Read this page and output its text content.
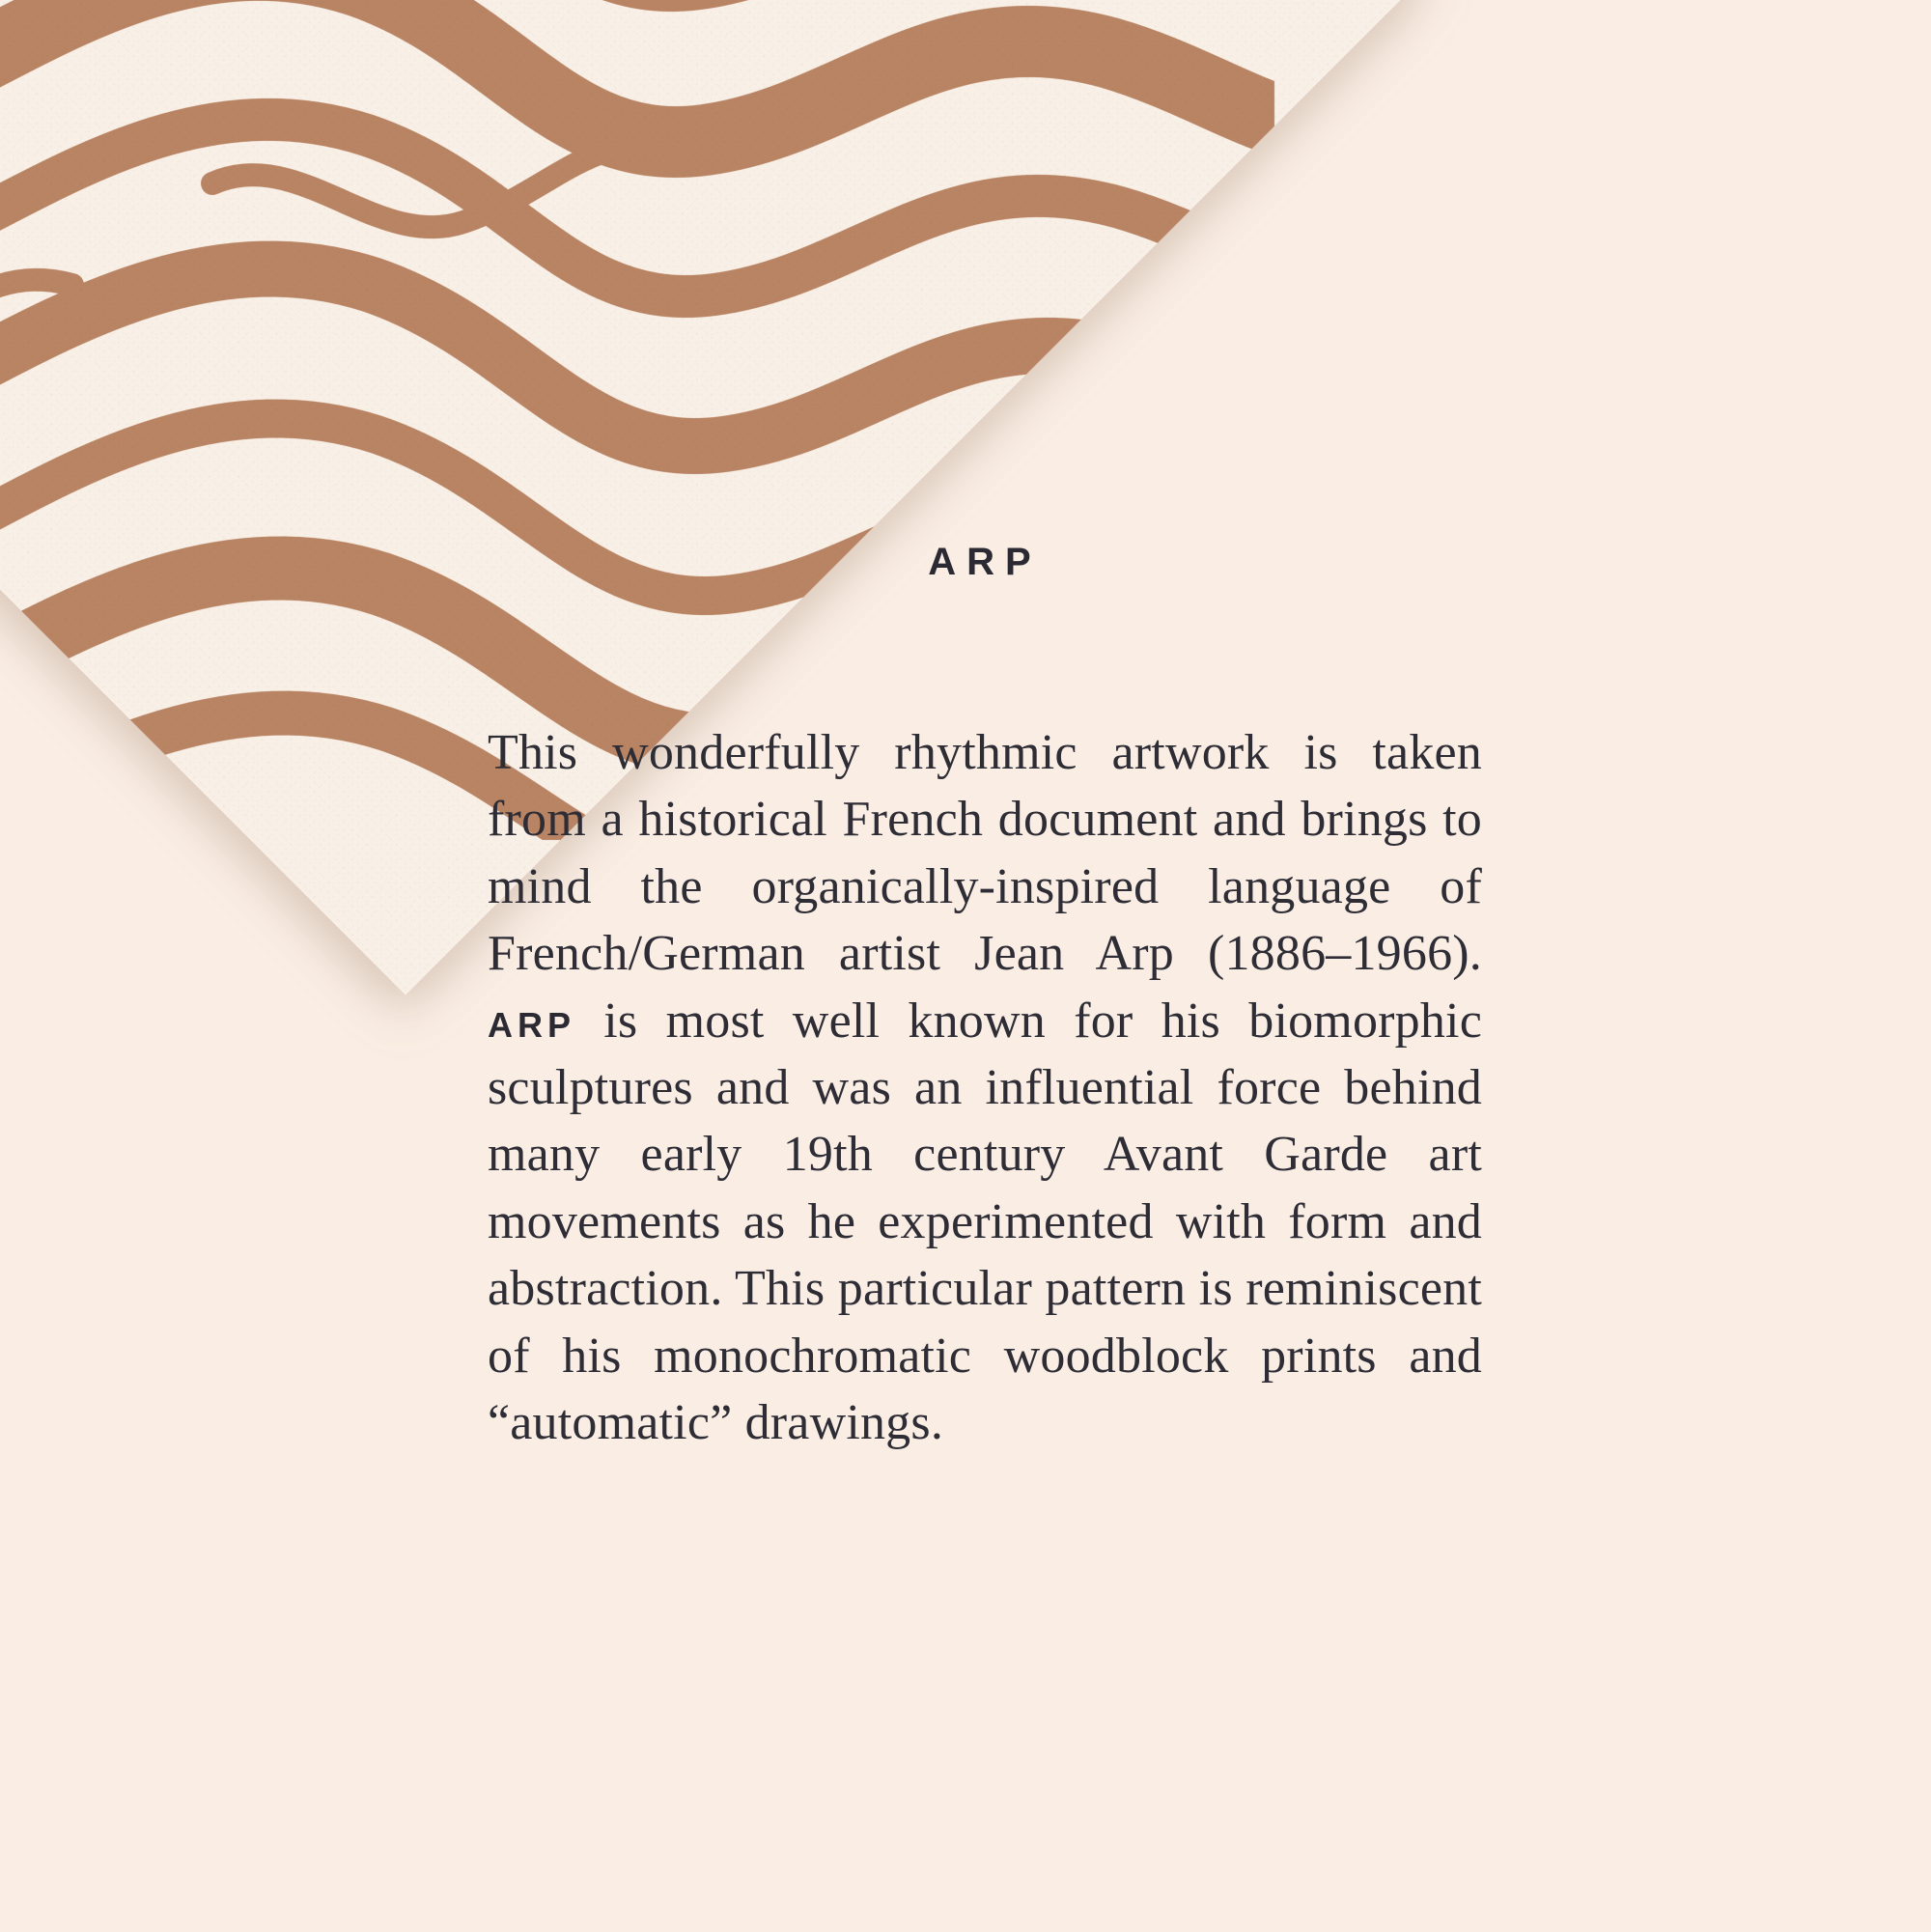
ARP

This wonderfully rhythmic artwork is taken from a historical French document and brings to mind the organically-inspired language of French/German artist Jean Arp (1886–1966). ARP is most well known for his biomorphic sculptures and was an influential force behind many early 19th century Avant Garde art movements as he experimented with form and abstraction. This particular pattern is reminiscent of his monochromatic woodblock prints and “automatic” drawings.
